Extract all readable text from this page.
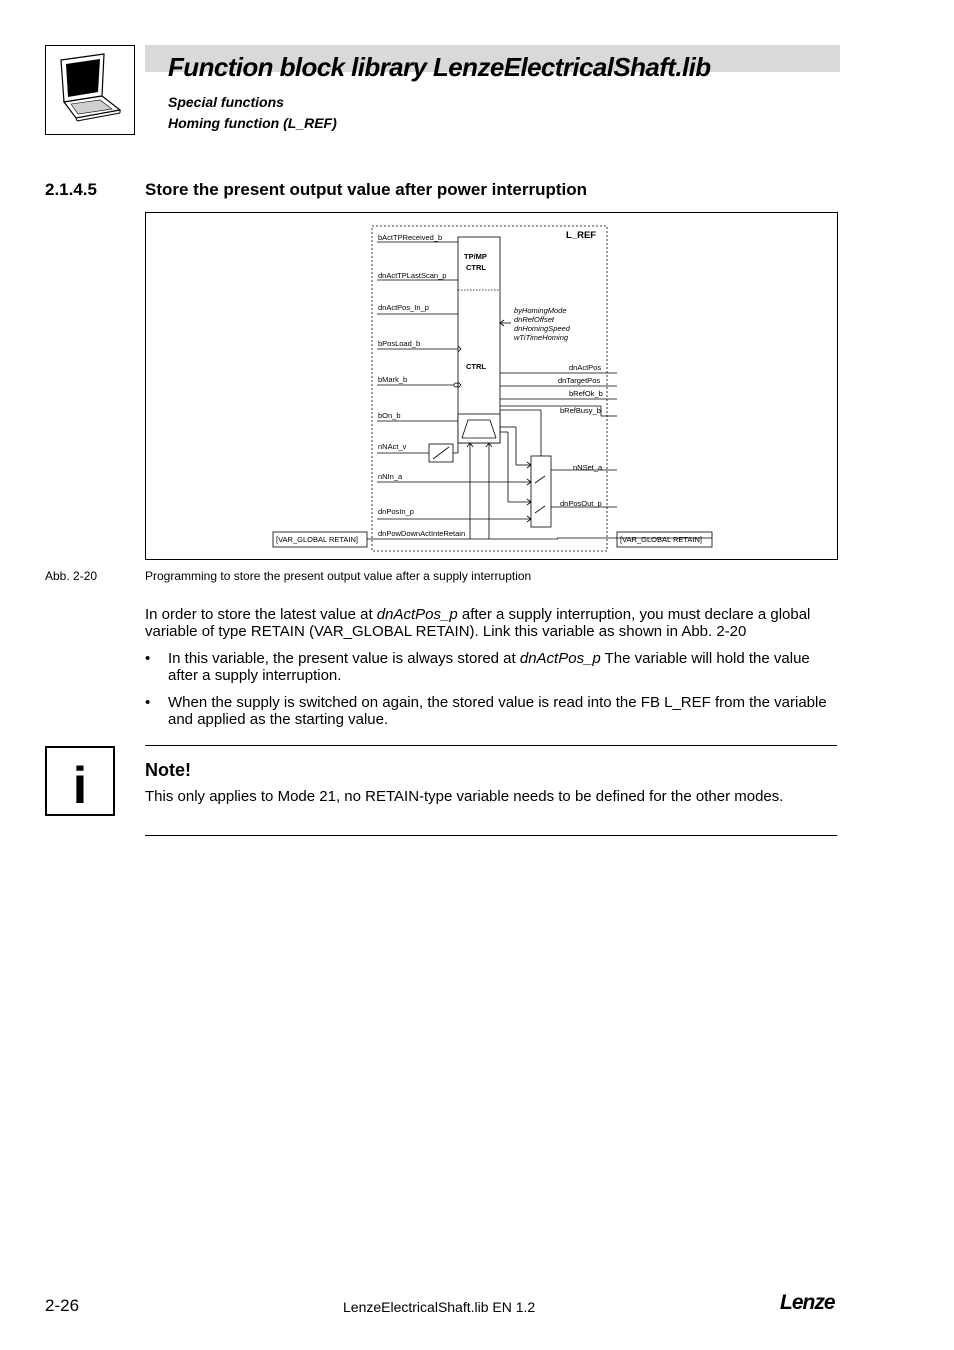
Function block library LenzeElectricalShaft.lib
Special functions
Homing function (L_REF)
2.1.4.5	Store the present output value after power interruption
bActTPReceived_b
dnActTPLastScan_p
dnActPos_In_p
bPosLoad_b
bMark_b
bOn_b
nNAct_v
nNIn_a
dnPosIn_p
dnPowDownActInteRetain
L_REF
TP/MP
CTRL
CTRL
byHomingMode
dnRefOffset
dnHomingSpeed
wTiTimeHoming
dnActPos
dnTargetPos
bRefOk_b
bRefBusy_b
nNSet_a
dnPosOut_p
[VAR_GLOBAL RETAIN]	[VAR_GLOBAL RETAIN]
Abb. 2-20	Programming to store the present output value after a supply interruption
In order to store the latest value at dnActPos_p after a supply interruption, you must declare a global variable of type RETAIN (VAR_GLOBAL RETAIN). Link this variable as shown in Abb. 2-20
• In this variable, the present value is always stored at dnActPos_p The variable will hold the value after a supply interruption.
• When the supply is switched on again, the stored value is read into the FB L_REF from the variable and applied as the starting value.
i	Note!
This only applies to Mode 21, no RETAIN-type variable needs to be defined for the other modes.
2-26	LenzeElectricalShaft.lib EN 1.2	Lenze
